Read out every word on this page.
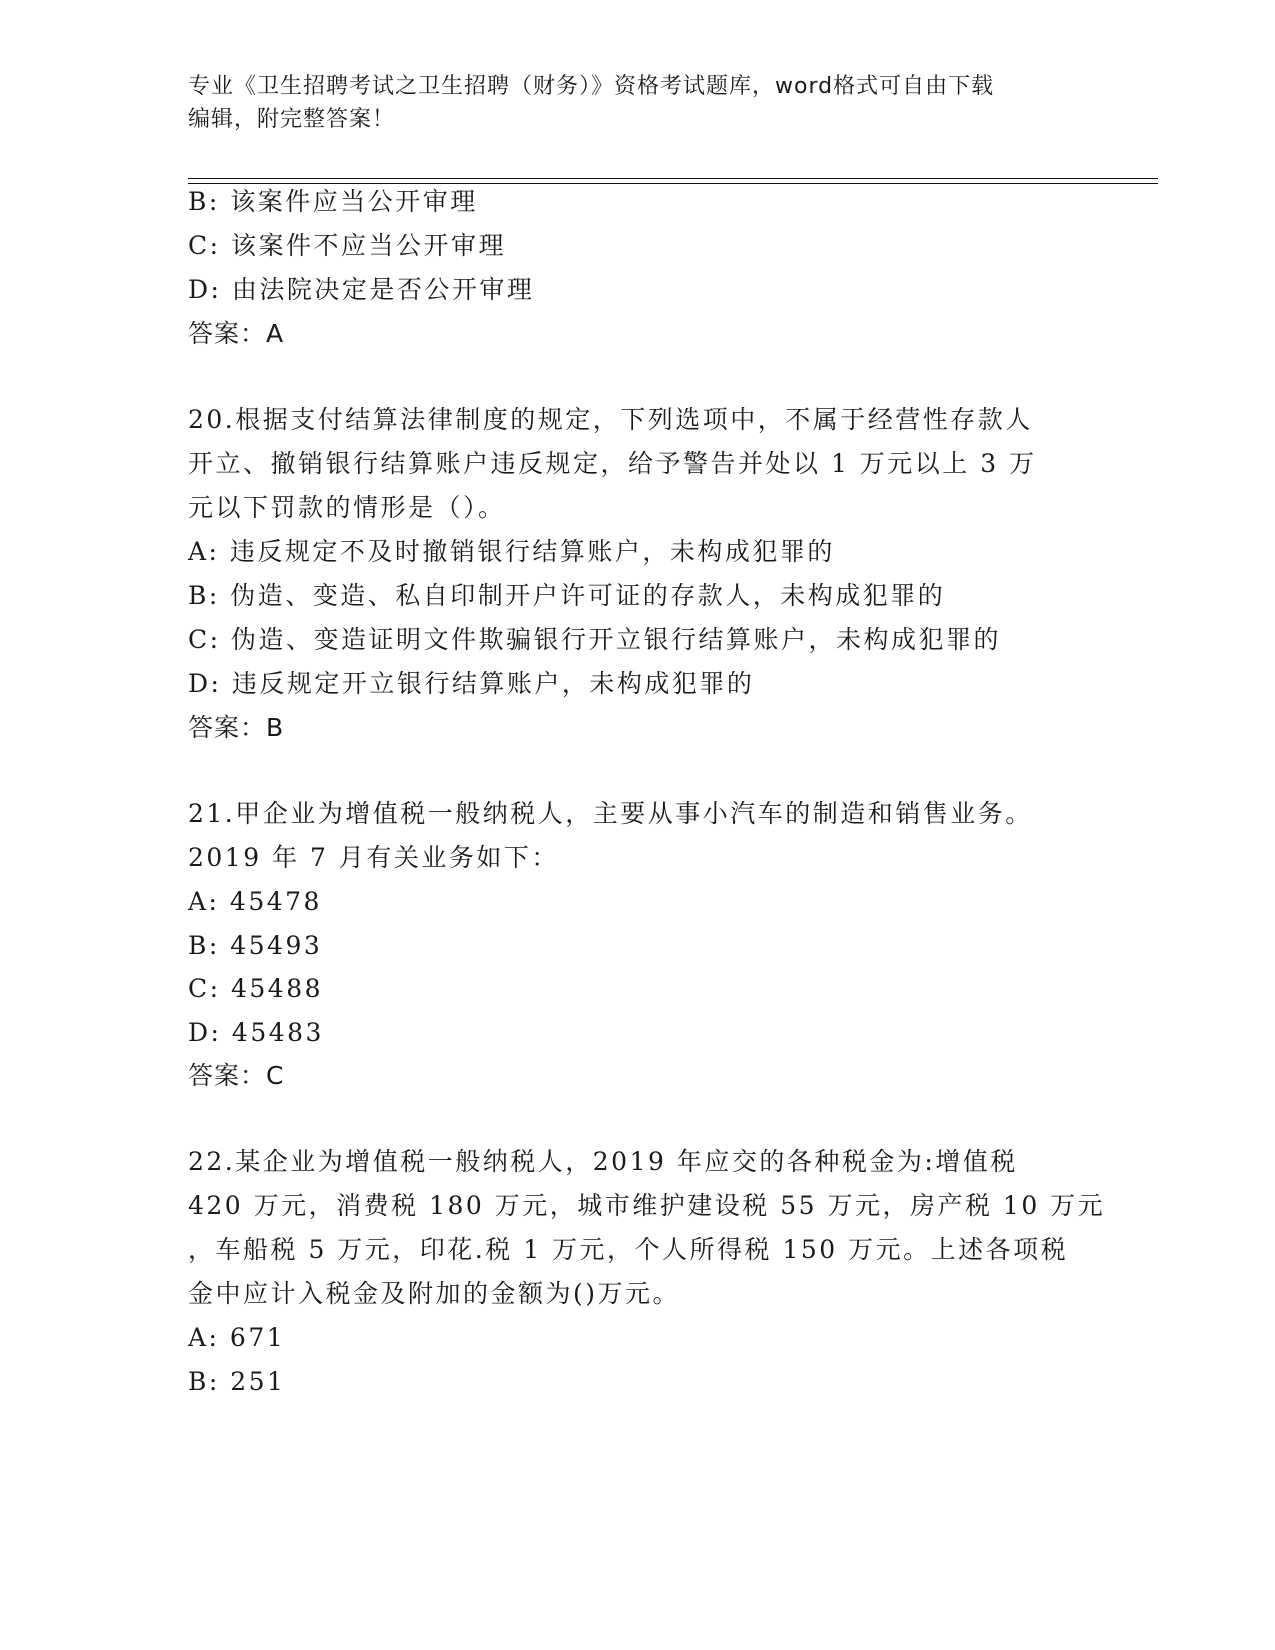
专业《卫生招聘考试之卫生招聘（财务）》资格考试题库，word格式可自由下载
编辑，附完整答案！
B: 该案件应当公开审理
C: 该案件不应当公开审理
D: 由法院决定是否公开审理
答案：A
20.根据支付结算法律制度的规定，下列选项中，不属于经营性存款人
开立、撤销银行结算账户违反规定，给予警告并处以 1 万元以上 3 万
元以下罚款的情形是（）。
A: 违反规定不及时撤销银行结算账户，未构成犯罪的
B: 伪造、变造、私自印制开户许可证的存款人，未构成犯罪的
C: 伪造、变造证明文件欺骗银行开立银行结算账户，未构成犯罪的
D: 违反规定开立银行结算账户，未构成犯罪的
答案：B
21.甲企业为增值税一般纳税人，主要从事小汽车的制造和销售业务。
2019 年 7 月有关业务如下：
A: 45478
B: 45493
C: 45488
D: 45483
答案：C
22.某企业为增值税一般纳税人，2019 年应交的各种税金为:增值税
420 万元，消费税 180 万元，城市维护建设税 55 万元，房产税 10 万元
，车船税 5 万元，印花.税 1 万元，个人所得税 150 万元。上述各项税
金中应计入税金及附加的金额为()万元。
A: 671
B: 251
